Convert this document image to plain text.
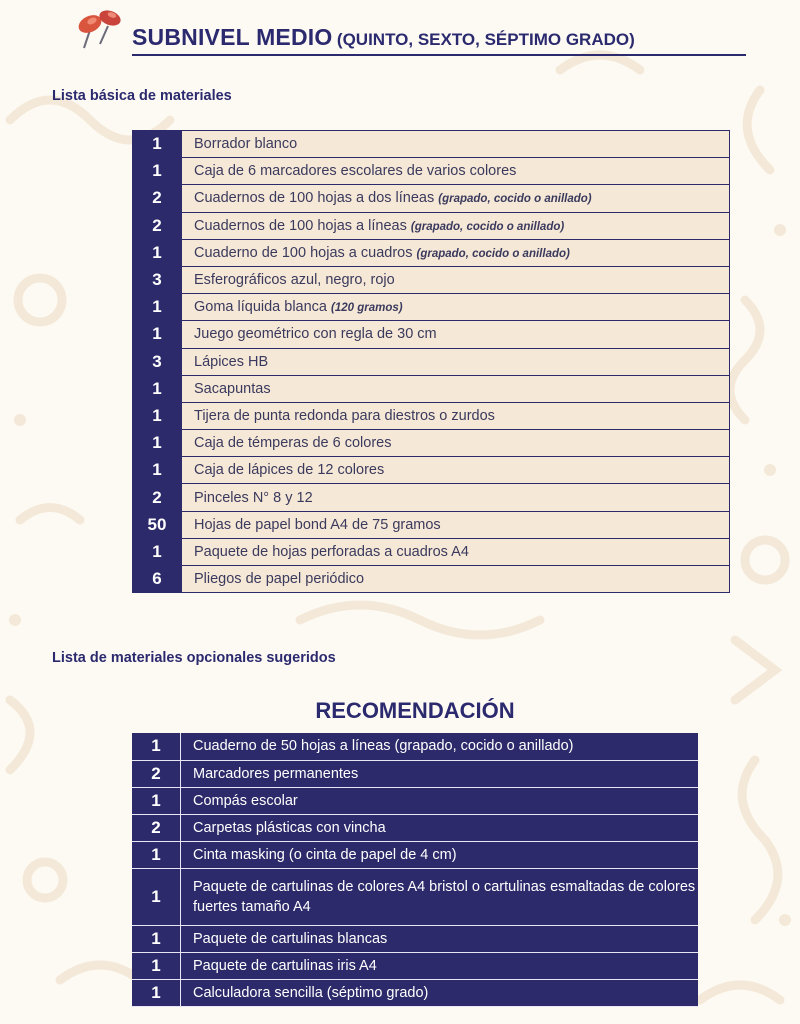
SUBNIVEL MEDIO (QUINTO, SEXTO, SÉPTIMO GRADO)
Lista básica de materiales
1	Borrador blanco
1	Caja de 6 marcadores escolares de varios colores
2	Cuadernos de 100 hojas a dos líneas (grapado, cocido o anillado)
2	Cuadernos de 100 hojas a líneas (grapado, cocido o anillado)
1	Cuaderno de 100 hojas a cuadros (grapado, cocido o anillado)
3	Esferográficos azul, negro, rojo
1	Goma líquida blanca (120 gramos)
1	Juego geométrico con regla de 30 cm
3	Lápices HB
1	Sacapuntas
1	Tijera de punta redonda para diestros o zurdos
1	Caja de témperas de 6 colores
1	Caja de lápices de 12 colores
2	Pinceles N° 8 y 12
50	Hojas de papel bond A4 de 75 gramos
1	Paquete de hojas perforadas a cuadros A4
6	Pliegos de papel periódico
Lista de materiales opcionales sugeridos
RECOMENDACIÓN
1	Cuaderno de 50 hojas a líneas (grapado, cocido o anillado)
2	Marcadores permanentes
1	Compás escolar
2	Carpetas plásticas con vincha
1	Cinta masking (o cinta de papel de 4 cm)
1	Paquete de cartulinas de colores A4 bristol o cartulinas esmaltadas de colores fuertes tamaño A4
1	Paquete de cartulinas blancas
1	Paquete de cartulinas iris A4
1	Calculadora sencilla (séptimo grado)
